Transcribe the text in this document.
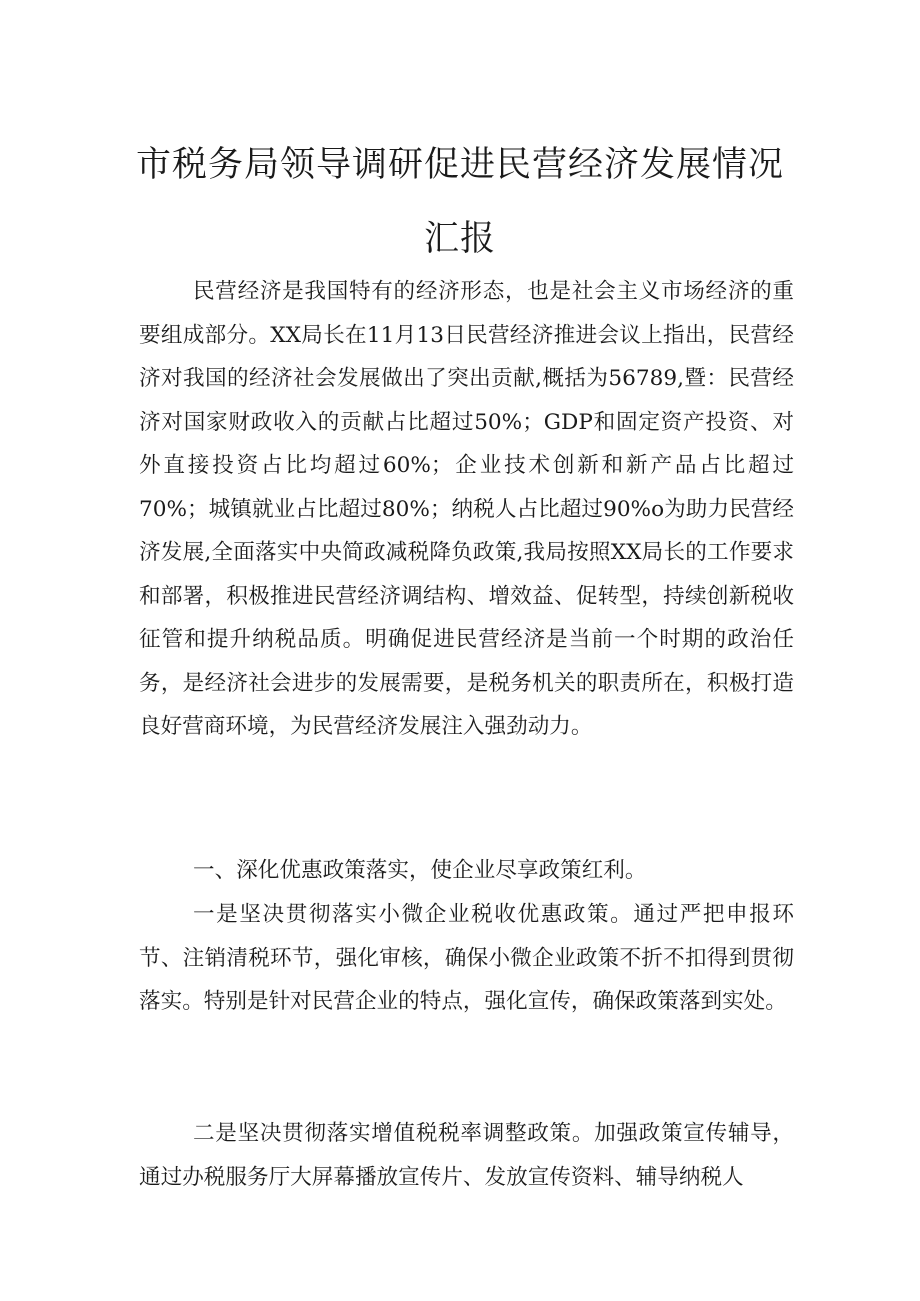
市税务局领导调研促进民营经济发展情况
汇报

民营经济是我国特有的经济形态，也是社会主义市场经济的重要组成部分。XX局长在11月13日民营经济推进会议上指出，民营经济对我国的经济社会发展做出了突出贡献,概括为56789,暨：民营经济对国家财政收入的贡献占比超过50%；GDP和固定资产投资、对外直接投资占比均超过60%；企业技术创新和新产品占比超过70%；城镇就业占比超过80%；纳税人占比超过90%o为助力民营经济发展,全面落实中央简政减税降负政策,我局按照XX局长的工作要求和部署，积极推进民营经济调结构、增效益、促转型，持续创新税收征管和提升纳税品质。明确促进民营经济是当前一个时期的政治任务，是经济社会进步的发展需要，是税务机关的职责所在，积极打造良好营商环境，为民营经济发展注入强劲动力。

一、深化优惠政策落实，使企业尽享政策红利。

一是坚决贯彻落实小微企业税收优惠政策。通过严把申报环节、注销清税环节，强化审核，确保小微企业政策不折不扣得到贯彻落实。特别是针对民营企业的特点，强化宣传，确保政策落到实处。

二是坚决贯彻落实增值税税率调整政策。加强政策宣传辅导，通过办税服务厅大屏幕播放宣传片、发放宣传资料、辅导纳税人
